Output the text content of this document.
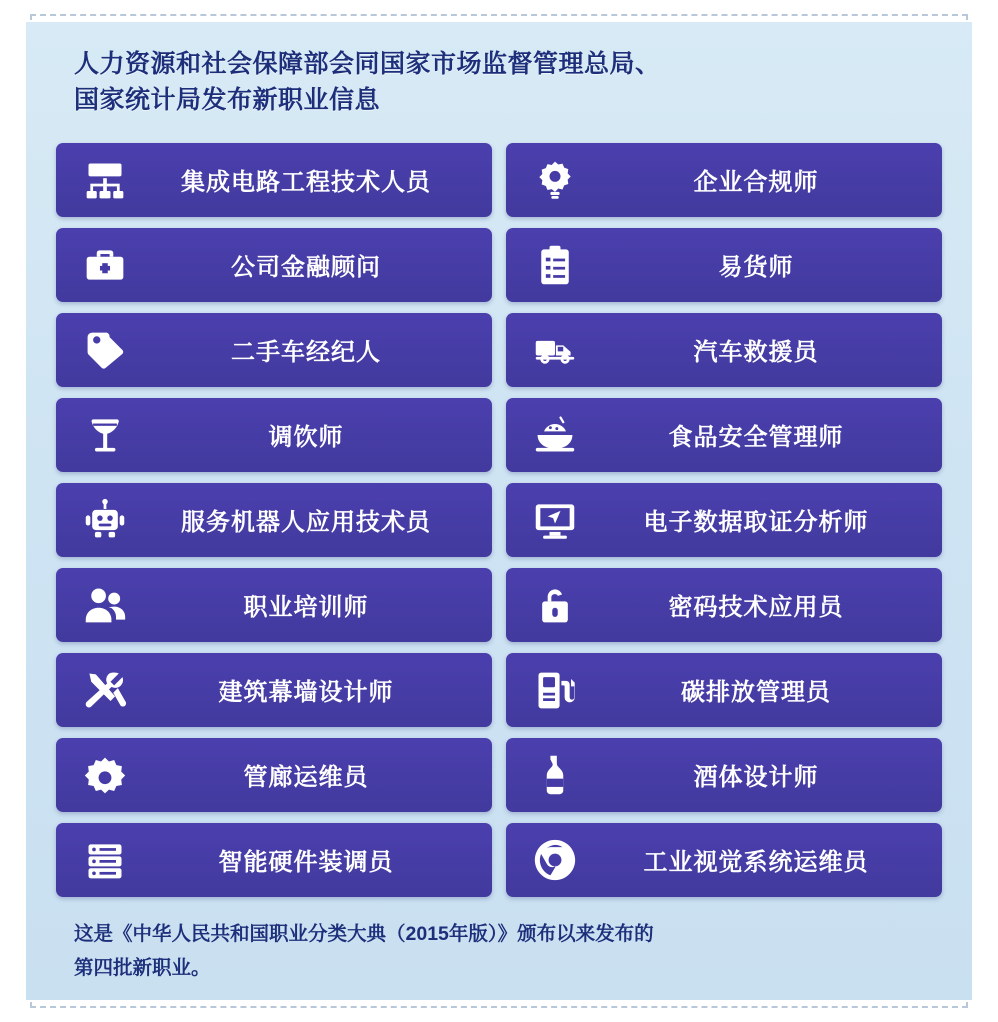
人力资源和社会保障部会同国家市场监督管理总局、
国家统计局发布新职业信息
集成电路工程技术人员	企业合规师
公司金融顾问	易货师
二手车经纪人	汽车救援员
调饮师	食品安全管理师
服务机器人应用技术员	电子数据取证分析师
职业培训师	密码技术应用员
建筑幕墙设计师	碳排放管理员
管廊运维员	酒体设计师
智能硬件装调员	工业视觉系统运维员
这是《中华人民共和国职业分类大典（2015年版）》颁布以来发布的
第四批新职业。
